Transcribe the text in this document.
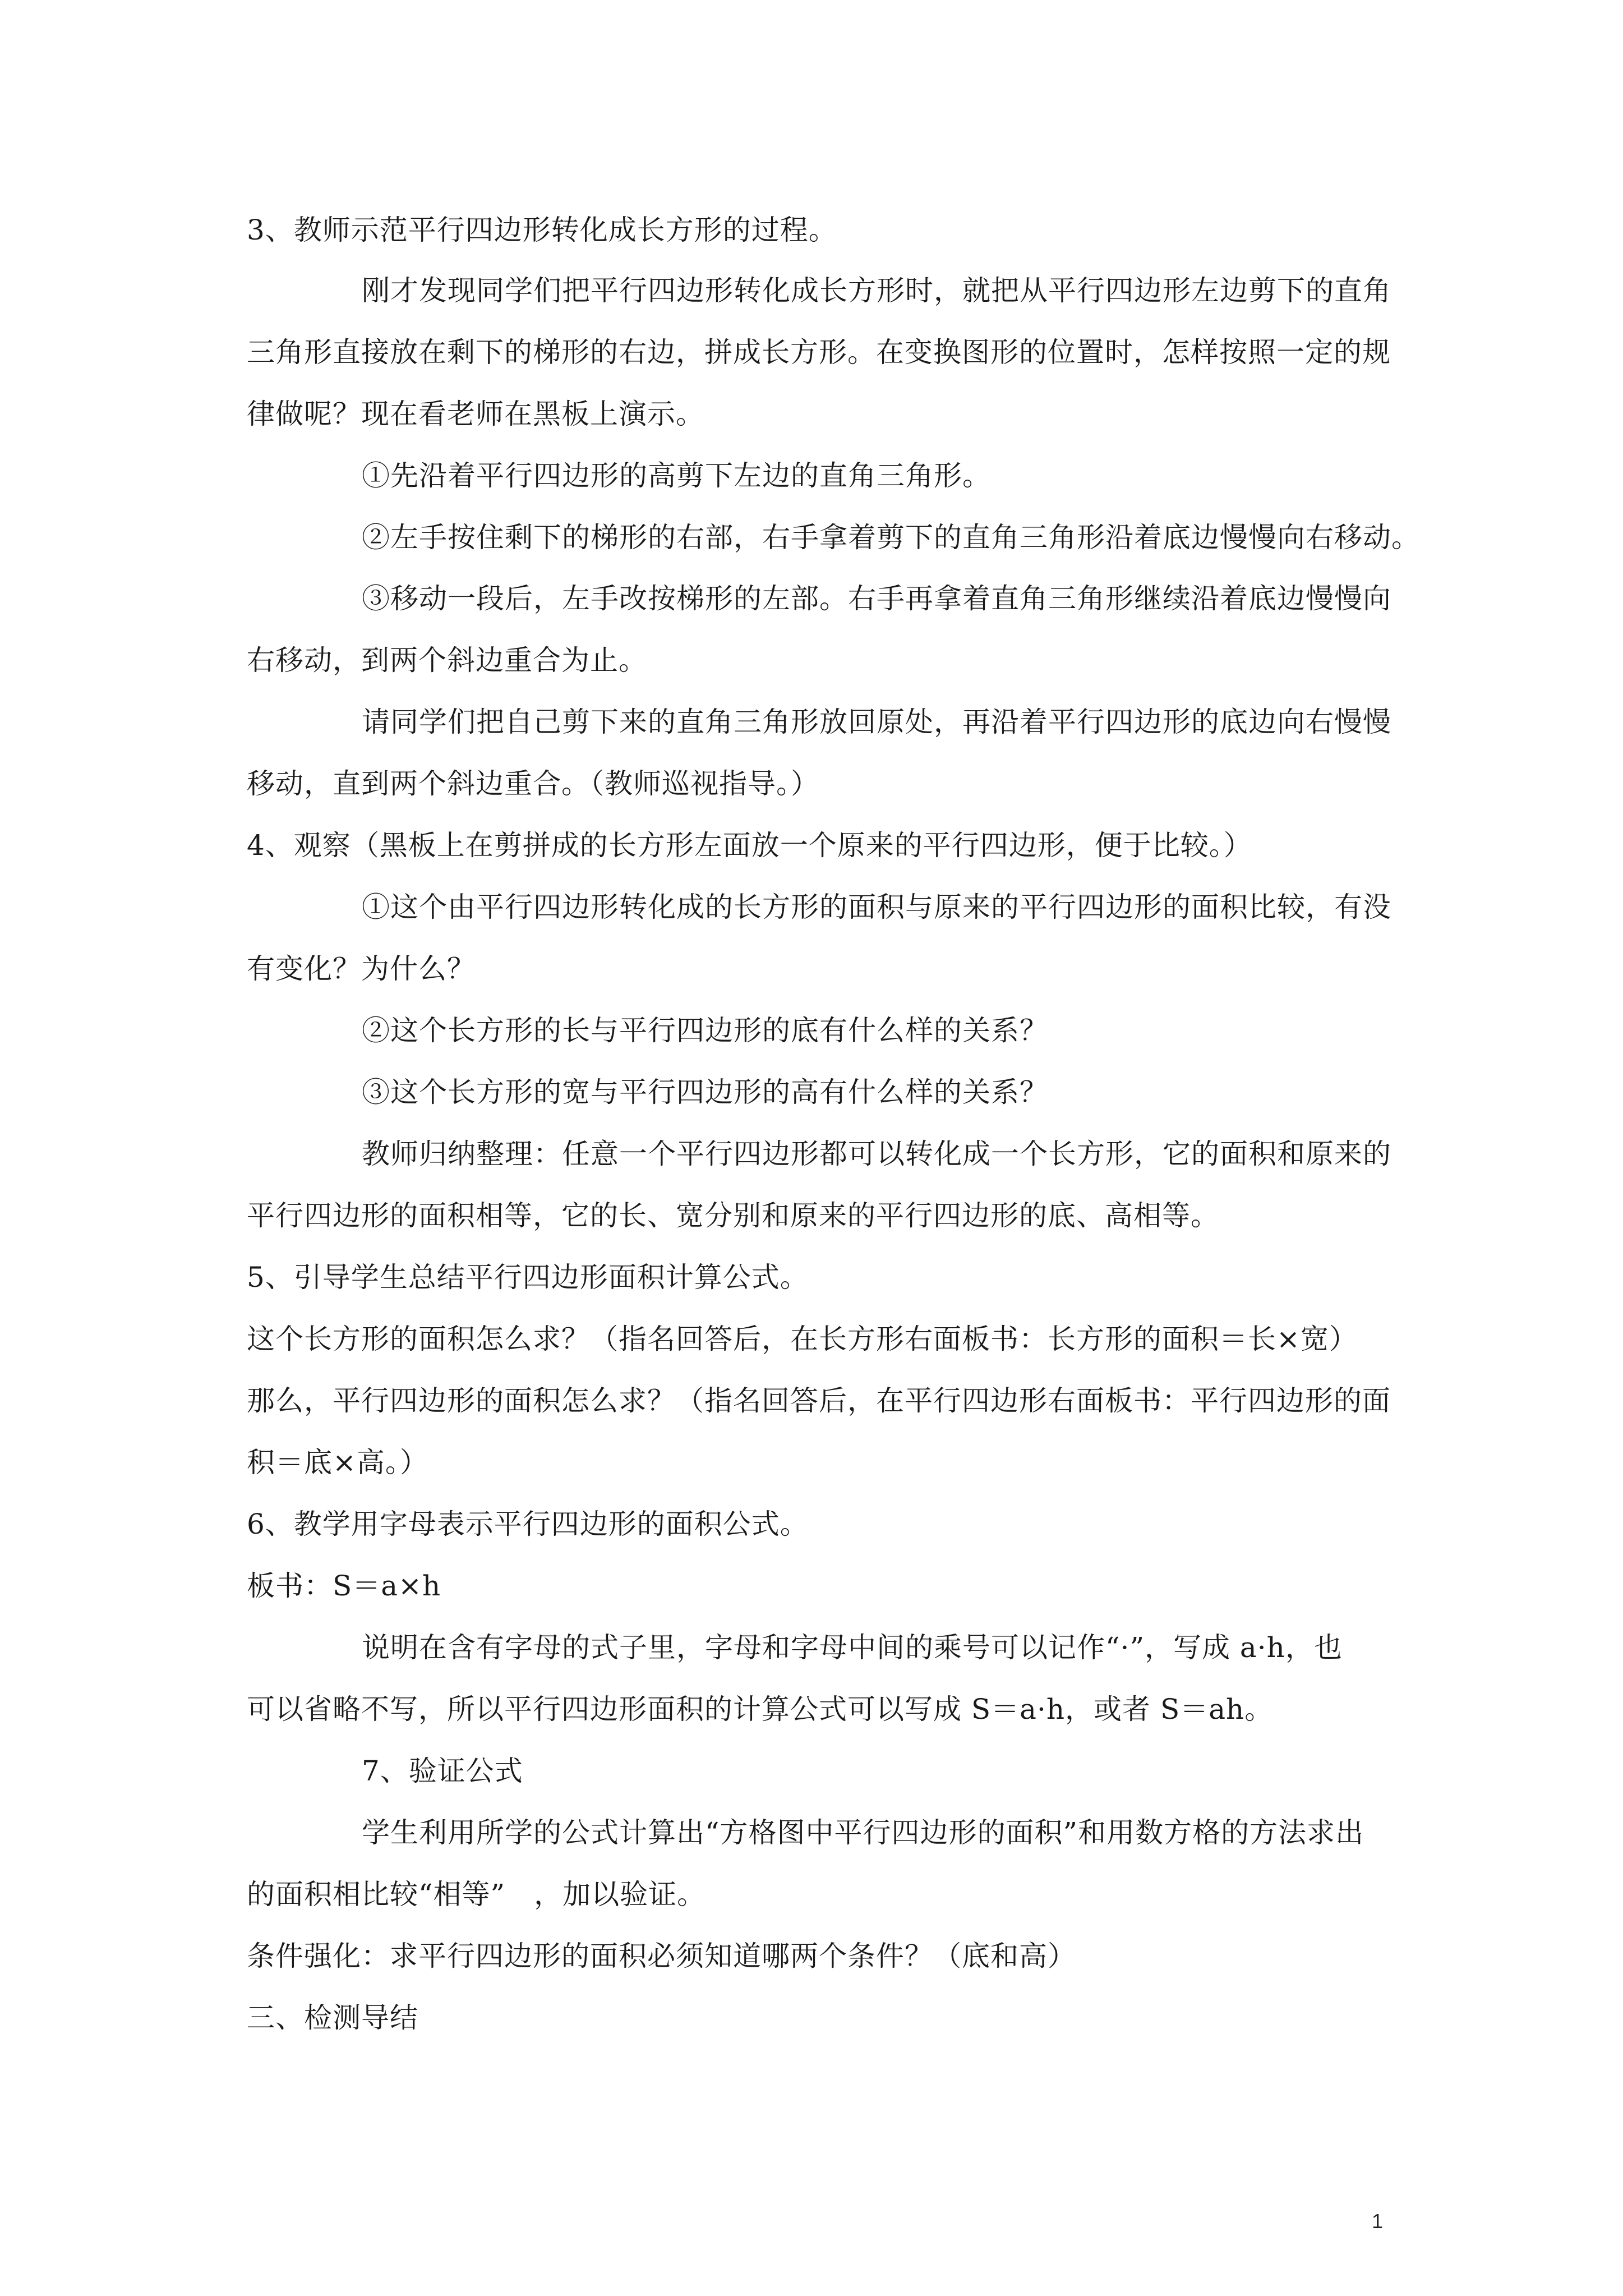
3、教师示范平行四边形转化成长方形的过程。
刚才发现同学们把平行四边形转化成长方形时，就把从平行四边形左边剪下的直角
三角形直接放在剩下的梯形的右边，拼成长方形。在变换图形的位置时，怎样按照一定的规
律做呢？现在看老师在黑板上演示。
①先沿着平行四边形的高剪下左边的直角三角形。
②左手按住剩下的梯形的右部，右手拿着剪下的直角三角形沿着底边慢慢向右移动。
③移动一段后，左手改按梯形的左部。右手再拿着直角三角形继续沿着底边慢慢向
右移动，到两个斜边重合为止。
请同学们把自己剪下来的直角三角形放回原处，再沿着平行四边形的底边向右慢慢
移动，直到两个斜边重合。（教师巡视指导。）
4、观察（黑板上在剪拼成的长方形左面放一个原来的平行四边形，便于比较。）
①这个由平行四边形转化成的长方形的面积与原来的平行四边形的面积比较，有没
有变化？为什么？
②这个长方形的长与平行四边形的底有什么样的关系？
③这个长方形的宽与平行四边形的高有什么样的关系？
教师归纳整理：任意一个平行四边形都可以转化成一个长方形，它的面积和原来的
平行四边形的面积相等，它的长、宽分别和原来的平行四边形的底、高相等。
5、引导学生总结平行四边形面积计算公式。
这个长方形的面积怎么求？（指名回答后，在长方形右面板书：长方形的面积＝长×宽）
那么，平行四边形的面积怎么求？（指名回答后，在平行四边形右面板书：平行四边形的面
积＝底×高。）
6、教学用字母表示平行四边形的面积公式。
板书：S＝a×h
说明在含有字母的式子里，字母和字母中间的乘号可以记作“·”，写成 a·h，也
可以省略不写，所以平行四边形面积的计算公式可以写成 S＝a·h，或者 S＝ah。
7、验证公式
学生利用所学的公式计算出“方格图中平行四边形的面积”和用数方格的方法求出
的面积相比较“相等”　，加以验证。
条件强化：求平行四边形的面积必须知道哪两个条件？（底和高）
三、检测导结
1
